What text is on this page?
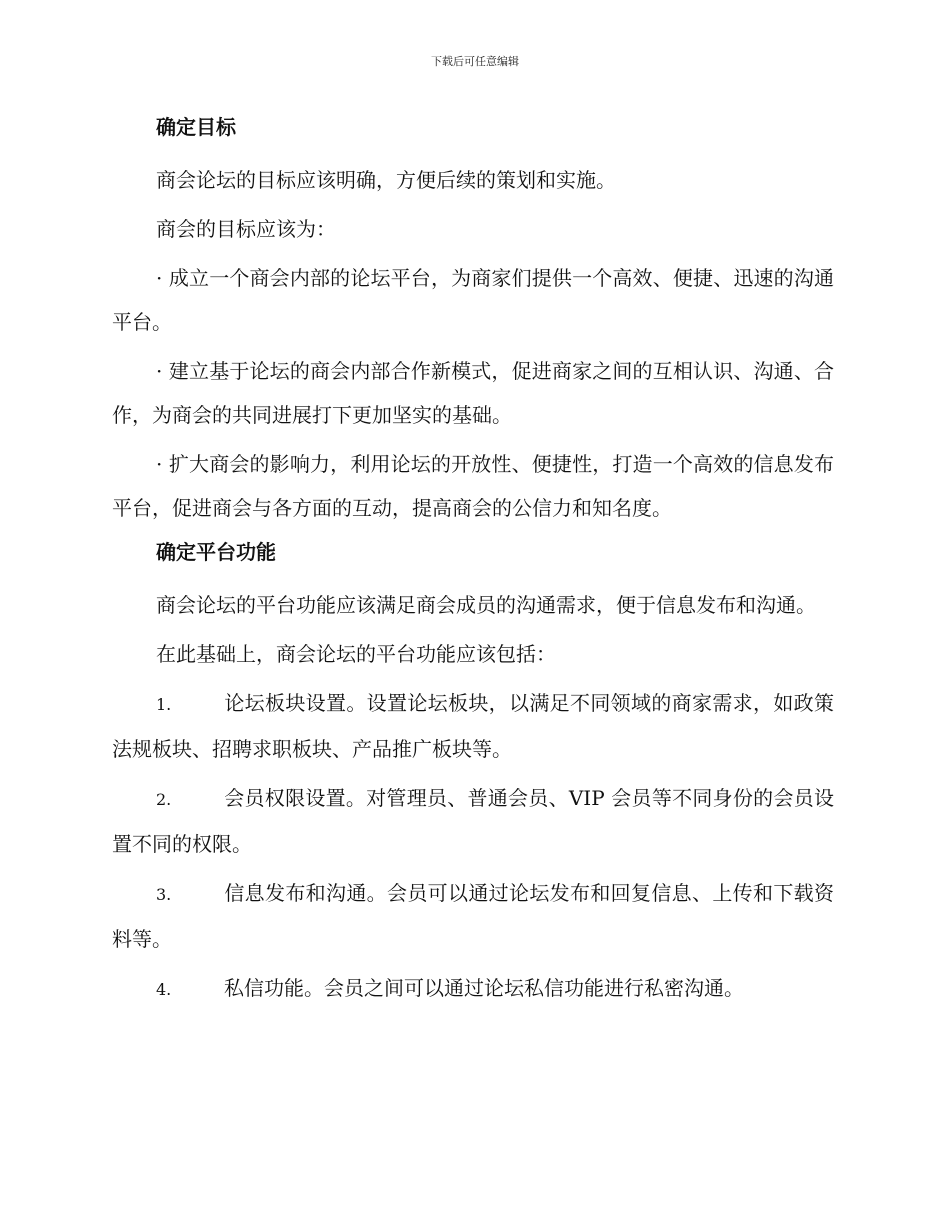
下载后可任意编辑
确定目标

商会论坛的目标应该明确，方便后续的策划和实施。

商会的目标应该为：

· 成立一个商会内部的论坛平台，为商家们提供一个高效、便捷、迅速的沟通平台。

· 建立基于论坛的商会内部合作新模式，促进商家之间的互相认识、沟通、合作，为商会的共同进展打下更加坚实的基础。

· 扩大商会的影响力，利用论坛的开放性、便捷性，打造一个高效的信息发布平台，促进商会与各方面的互动，提高商会的公信力和知名度。

确定平台功能

商会论坛的平台功能应该满足商会成员的沟通需求，便于信息发布和沟通。

在此基础上，商会论坛的平台功能应该包括：

1.	论坛板块设置。设置论坛板块，以满足不同领域的商家需求，如政策法规板块、招聘求职板块、产品推广板块等。

2.	会员权限设置。对管理员、普通会员、VIP 会员等不同身份的会员设置不同的权限。

3.	信息发布和沟通。会员可以通过论坛发布和回复信息、上传和下载资料等。

4.	私信功能。会员之间可以通过论坛私信功能进行私密沟通。
